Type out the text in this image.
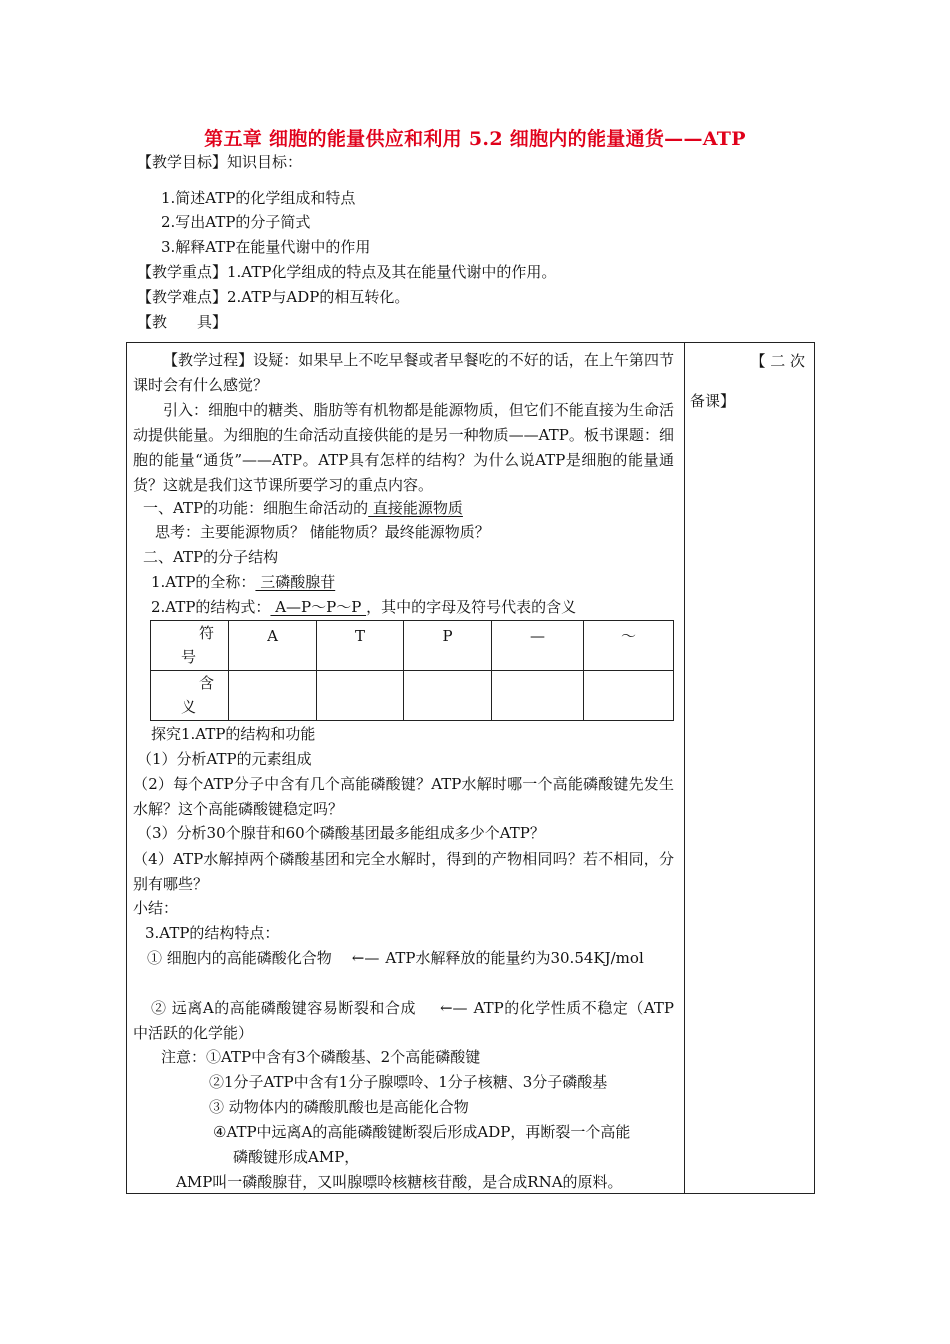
第五章 细胞的能量供应和利用 5.2 细胞内的能量通货——ATP
【教学目标】知识目标：
1.简述ATP的化学组成和特点
2.写出ATP的分子简式
3.解释ATP在能量代谢中的作用
【教学重点】1.ATP化学组成的特点及其在能量代谢中的作用。
【教学难点】2.ATP与ADP的相互转化。
【教　　具】
【 二 次
备课】
【教学过程】设疑：如果早上不吃早餐或者早餐吃的不好的话，在上午第四节课时会有什么感觉？
引入：细胞中的糖类、脂肪等有机物都是能源物质，但它们不能直接为生命活动提供能量。为细胞的生命活动直接供能的是另一种物质——ATP。板书课题：细胞的能量“通货”——ATP。ATP具有怎样的结构？为什么说ATP是细胞的能量通货？这就是我们这节课所要学习的重点内容。
一、ATP的功能：细胞生命活动的 直接能源物质
思考：主要能源物质？ 储能物质？最终能源物质？
二、ATP的分子结构
1.ATP的全称： 三磷酸腺苷
2.ATP的结构式： A—P～P～P ，其中的字母及符号代表的含义
符
号	A	T	P	—	～

含
义					

探究1.ATP的结构和功能
（1）分析ATP的元素组成
（2）每个ATP分子中含有几个高能磷酸键？ATP水解时哪一个高能磷酸键先发生水解？这个高能磷酸键稳定吗？
（3）分析30个腺苷和60个磷酸基团最多能组成多少个ATP？
（4）ATP水解掉两个磷酸基团和完全水解时，得到的产物相同吗？若不相同，分别有哪些？
小结：
3.ATP的结构特点：
① 细胞内的高能磷酸化合物 ←— ATP水解释放的能量约为30.54KJ/mol
② 远离A的高能磷酸键容易断裂和合成 ←— ATP的化学性质不稳定（ATP中活跃的化学能）
注意：①ATP中含有3个磷酸基、2个高能磷酸键
②1分子ATP中含有1分子腺嘌呤、1分子核糖、3分子磷酸基
③ 动物体内的磷酸肌酸也是高能化合物
④ATP中远离A的高能磷酸键断裂后形成ADP，再断裂一个高能
磷酸键形成AMP，
AMP叫一磷酸腺苷，又叫腺嘌呤核糖核苷酸，是合成RNA的原料。
